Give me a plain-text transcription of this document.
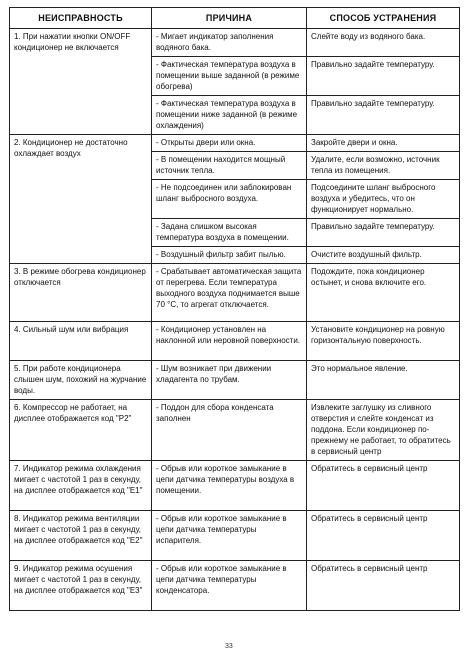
НЕИСПРАВНОСТЬ	ПРИЧИНА	СПОСОБ УСТРАНЕНИЯ
1. При нажатии кнопки ON/OFF кондиционер не включается	- Мигает индикатор заполнения водяного бака.	Слейте воду из водяного бака.
	- Фактическая температура воздуха в помещении выше заданной (в режиме обогрева)	Правильно задайте температуру.
	- Фактическая температура воздуха в помещении ниже заданной (в режиме охлаждения)	Правильно задайте температуру.
2. Кондиционер не достаточно охлаждает воздух	- Открыты двери или окна.	Закройте двери и окна.
	- В помещении находится мощный источник тепла.	Удалите, если возможно, источник тепла из помещения.
	- Не подсоединен или заблокирован шланг выбросного воздуха.	Подсоедините шланг выбросного воздуха и убедитесь, что он функционирует нормально.
	- Задана слишком высокая температура воздуха в помещении.	Правильно задайте температуру.
	- Воздушный фильтр забит пылью.	Очистите воздушный фильтр.
3. В режиме обогрева кондиционер отключается	- Срабатывает автоматическая защита от перегрева. Если температура выходного воздуха поднимается выше 70 °С, то агрегат отключается.	Подождите, пока кондиционер остынет, и снова включите его.
4. Сильный шум или вибрация	- Кондиционер установлен на наклонной или неровной поверхности.	Установите кондиционер на ровную горизонтальную поверхность.
5. При работе кондиционера слышен шум, похожий на журчание воды.	- Шум возникает при движении хладагента по трубам.	Это нормальное явление.
6. Компрессор не работает, на дисплее отображается код "Р2"	- Поддон для сбора конденсата заполнен	Извлеките заглушку из сливного отверстия и слейте конденсат из поддона. Если кондиционер по-прежнему не работает, то обратитесь в сервисный центр
7. Индикатор режима охлаждения мигает с частотой 1 раз в секунду, на дисплее отображается код "Е1"	- Обрыв или короткое замыкание в цепи датчика температуры воздуха в помещении.	Обратитесь в сервисный центр
8. Индикатор режима вентиляции мигает с частотой 1 раз в секунду, на дисплее отображается код "Е2"	- Обрыв или короткое замыкание в цепи датчика температуры испарителя.	Обратитесь в сервисный центр
9. Индикатор режима осушения мигает с частотой 1 раз в секунду, на дисплее отображается код "Е3"	- Обрыв или короткое замыкание в цепи датчика температуры конденсатора.	Обратитесь в сервисный центр
33
